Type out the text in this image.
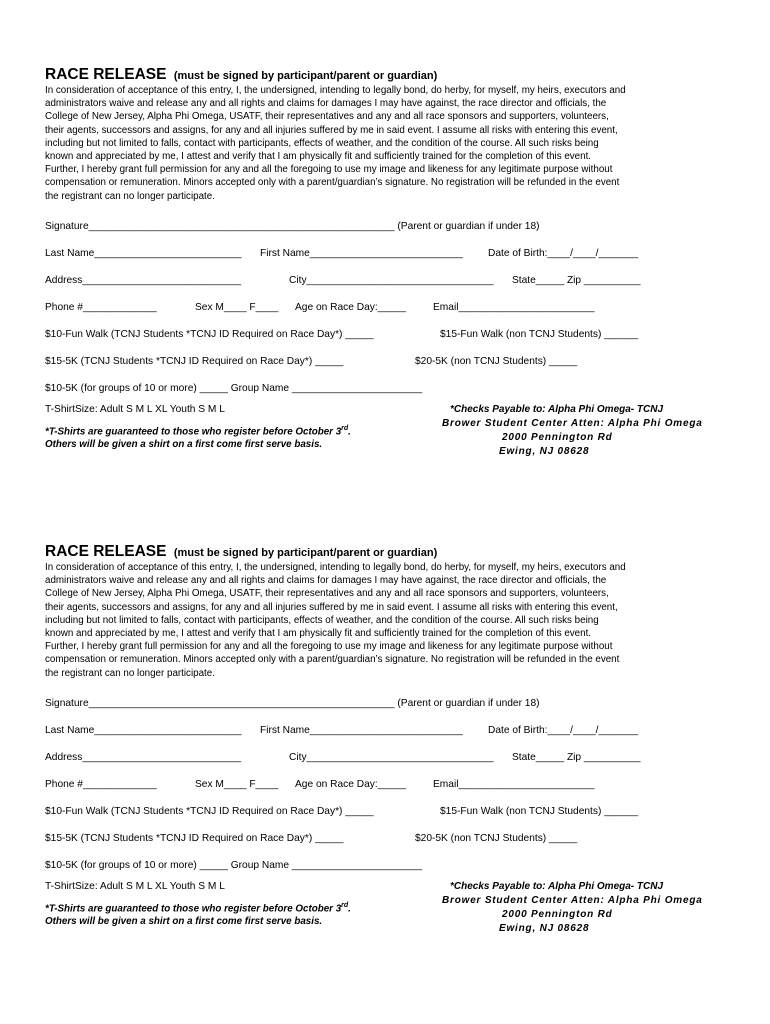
RACE RELEASE (must be signed by participant/parent or guardian)

In consideration of acceptance of this entry, I, the undersigned, intending to legally bond, do herby, for myself, my heirs, executors and

administrators waive and release any and all rights and claims for damages I may have against, the race director and officials, the

College of New Jersey, Alpha Phi Omega, USATF, their representatives and any and all race sponsors and supporters, volunteers,

their agents, successors and assigns, for any and all injuries suffered by me in said event. I assume all risks with entering this event,

including but not limited to falls, contact with participants, effects of weather, and the condition of the course. All such risks being

known and appreciated by me, I attest and verify that I am physically fit and sufficiently trained for the completion of this event.

Further, I hereby grant full permission for any and all the foregoing to use my image and likeness for any legitimate purpose without

compensation or remuneration. Minors accepted only with a parent/guardian’s signature. No registration will be refunded in the event

the registrant can no longer participate.

Signature______________________________________________________ (Parent or guardian if under 18)
Last Name__________________________ First Name___________________________ Date of Birth:____/____/_______
Address____________________________	City_________________________________ State_____ Zip __________
Phone #_____________	Sex M____ F____ Age on Race Day:_____	Email________________________
$10-Fun Walk (TCNJ Students *TCNJ ID Required on Race Day*) _____	$15-Fun Walk (non TCNJ Students) ______
$15-5K (TCNJ Students *TCNJ ID Required on Race Day*) _____	$20-5K (non TCNJ Students) _____
$10-5K (for groups of 10 or more) _____ Group Name _______________________
T-ShirtSize: Adult S M L XL Youth S M L
*T-Shirts are guaranteed to those who register before October 3rd.
Others will be given a shirt on a first come first serve basis.
*Checks Payable to: Alpha Phi Omega- TCNJ
Brower Student Center Atten: Alpha Phi Omega
2000 Pennington Rd
Ewing, NJ 08628
RACE RELEASE (must be signed by participant/parent or guardian)

In consideration of acceptance of this entry, I, the undersigned, intending to legally bond, do herby, for myself, my heirs, executors and

administrators waive and release any and all rights and claims for damages I may have against, the race director and officials, the

College of New Jersey, Alpha Phi Omega, USATF, their representatives and any and all race sponsors and supporters, volunteers,

their agents, successors and assigns, for any and all injuries suffered by me in said event. I assume all risks with entering this event,

including but not limited to falls, contact with participants, effects of weather, and the condition of the course. All such risks being

known and appreciated by me, I attest and verify that I am physically fit and sufficiently trained for the completion of this event.

Further, I hereby grant full permission for any and all the foregoing to use my image and likeness for any legitimate purpose without

compensation or remuneration. Minors accepted only with a parent/guardian’s signature. No registration will be refunded in the event

the registrant can no longer participate.

Signature______________________________________________________ (Parent or guardian if under 18)
Last Name__________________________ First Name___________________________ Date of Birth:____/____/_______
Address____________________________	City_________________________________ State_____ Zip __________
Phone #_____________	Sex M____ F____ Age on Race Day:_____	Email________________________
$10-Fun Walk (TCNJ Students *TCNJ ID Required on Race Day*) _____	$15-Fun Walk (non TCNJ Students) ______
$15-5K (TCNJ Students *TCNJ ID Required on Race Day*) _____	$20-5K (non TCNJ Students) _____
$10-5K (for groups of 10 or more) _____ Group Name _______________________
T-ShirtSize: Adult S M L XL Youth S M L
*T-Shirts are guaranteed to those who register before October 3rd.
Others will be given a shirt on a first come first serve basis.
*Checks Payable to: Alpha Phi Omega- TCNJ
Brower Student Center Atten: Alpha Phi Omega
2000 Pennington Rd
Ewing, NJ 08628
